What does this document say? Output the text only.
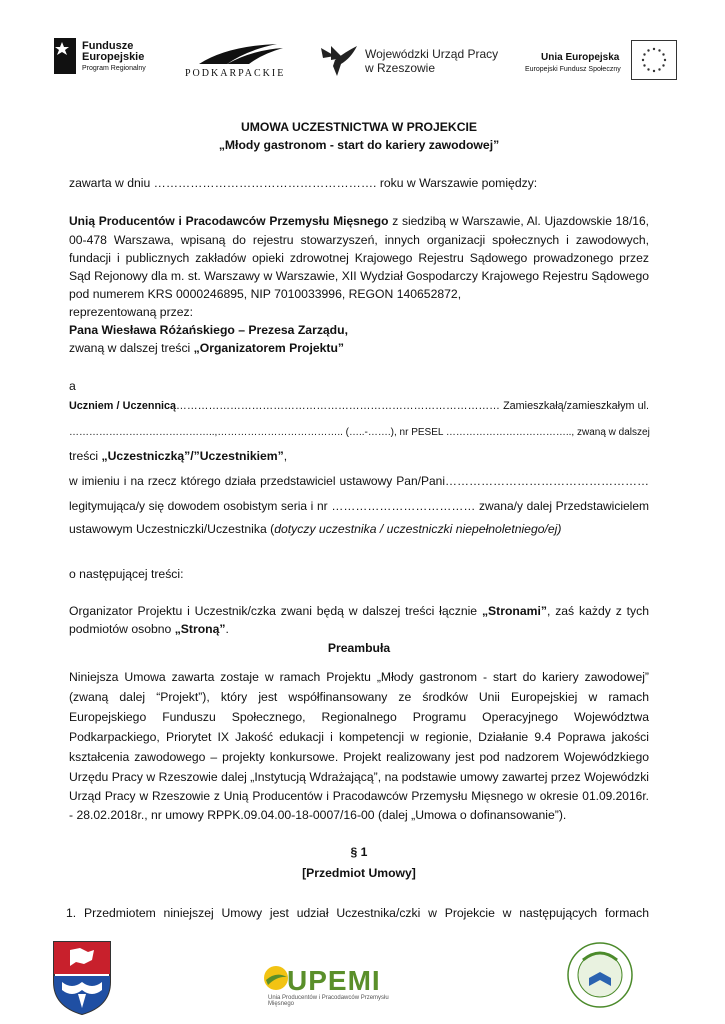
Fundusze
Europejskie
Program Regionalny	PODKARPACKIE
Wojewódzki Urząd Pracy
w Rzeszowie
Unia Europejska
Europejski Fundusz Społeczny
UMOWA UCZESTNICTWA W PROJEKCIE
„Młody gastronom - start do kariery zawodowej”
zawarta w dniu ………………………………………………. roku w Warszawie pomiędzy:
Unią Producentów i Pracodawców Przemysłu Mięsnego z siedzibą w Warszawie, Al. Ujazdowskie 18/16,
00-478 Warszawa, wpisaną do rejestru stowarzyszeń, innych organizacji społecznych i zawodowych,
fundacji i publicznych zakładów opieki zdrowotnej Krajowego Rejestru Sądowego prowadzonego przez
Sąd Rejonowy dla m. st. Warszawy w Warszawie, XII Wydział Gospodarczy Krajowego Rejestru Sądowego
pod numerem KRS 0000246895, NIP 7010033996, REGON 140652872,
reprezentowaną przez:
Pana Wiesława Różańskiego – Prezesa Zarządu,
zwaną w dalszej treści „Organizatorem Projektu”
a
Uczniem / Uczennicą……………………………………………………………………………… Zamieszkałą/zamieszkałym ul.
……………………………………..,……………………………….. (…..-…….), nr PESEL ……………………………….., zwaną w dalszej
treści „Uczestniczką”/”Uczestnikiem”,
w imieniu i na rzecz którego działa przedstawiciel ustawowy Pan/Pani……………………………………………
legitymująca/y się dowodem osobistym seria i nr ……………………………… zwana/y dalej Przedstawicielem
ustawowym Uczestniczki/Uczestnika (dotyczy uczestnika / uczestniczki niepełnoletniego/ej)
o następującej treści:
Organizator Projektu i Uczestnik/czka zwani będą w dalszej treści łącznie „Stronami”, zaś każdy z tych
podmiotów osobno „Stroną”.
Preambuła
Niniejsza Umowa zawarta zostaje w ramach Projektu „Młody gastronom - start do kariery zawodowej”
(zwaną dalej “Projekt”), który jest współfinansowany ze środków Unii Europejskiej w ramach
Europejskiego Funduszu Społecznego, Regionalnego Programu Operacyjnego Województwa
Podkarpackiego, Priorytet IX Jakość edukacji i kompetencji w regionie, Działanie 9.4 Poprawa jakości
kształcenia zawodowego – projekty konkursowe. Projekt realizowany jest pod nadzorem Wojewódzkiego
Urzędu Pracy w Rzeszowie dalej „Instytucją Wdrażającą”, na podstawie umowy zawartej przez Wojewódzki
Urząd Pracy w Rzeszowie z Unią Producentów i Pracodawców Przemysłu Mięsnego w okresie 01.09.2016r.
- 28.02.2018r., nr umowy RPPK.09.04.00-18-0007/16-00 (dalej „Umowa o dofinansowanie”).
§ 1
[Przedmiot Umowy]
1. Przedmiotem niniejszej Umowy jest udział Uczestnika/czki w Projekcie w następujących formach
UPEMI
Unia Producentów i Pracodawców Przemysłu Mięsnego
